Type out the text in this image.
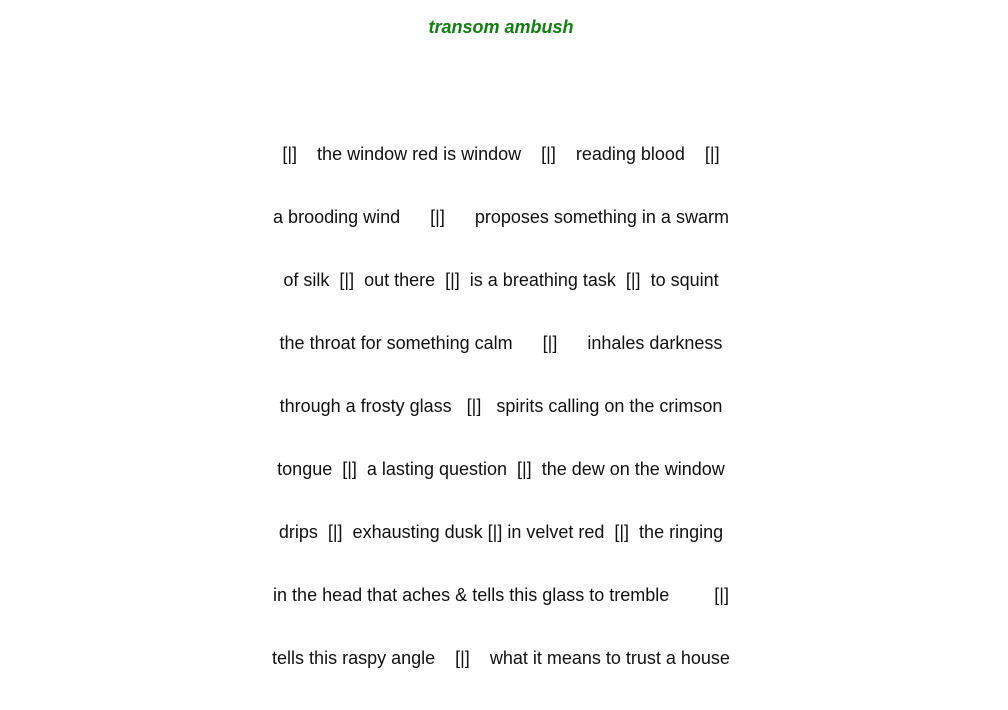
transom ambush
[|]    the window red is window    [|]    reading blood    [|]
a brooding wind      [|]      proposes something in a swarm
of silk  [|]  out there  [|]  is a breathing task  [|]  to squint
the throat for something calm      [|]      inhales darkness
through a frosty glass   [|]   spirits calling on the crimson
tongue  [|]  a lasting question  [|]  the dew on the window
drips  [|]  exhausting dusk [|] in velvet red  [|]  the ringing
in the head that aches & tells this glass to tremble         [|]
tells this raspy angle    [|]    what it means to trust a house
